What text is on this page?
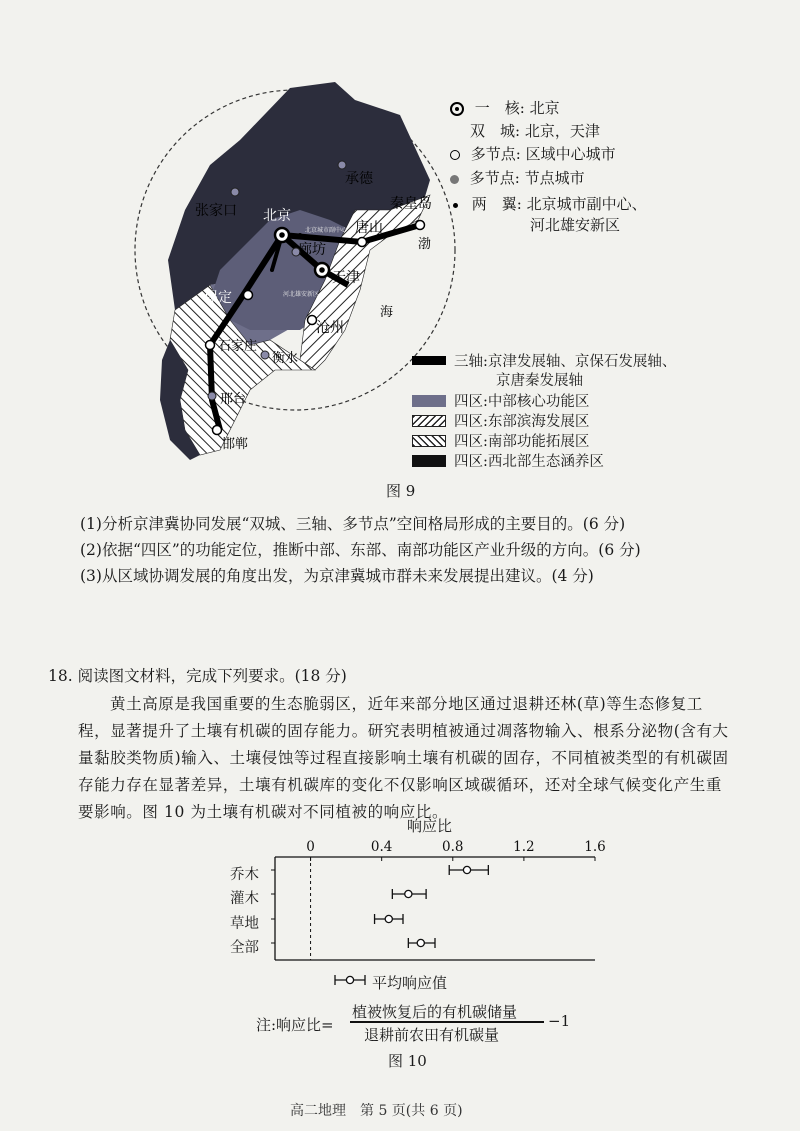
张家口
承德
北京
北京城市副中心
秦皇岛
唐山
廊坊
天津
河北雄安新区
保定
沧州
渤
海
石家庄
衡水
邢台
邯郸
一　核: 北京
双　城: 北京，天津
多节点: 区域中心城市
多节点: 节点城市
两　翼: 北京城市副中心、
河北雄安新区
三轴: 京津发展轴、京保石发展轴、
京唐秦发展轴
四区: 中部核心功能区
四区: 东部滨海发展区
四区: 南部功能拓展区
四区: 西北部生态涵养区
图 9
(1)分析京津冀协同发展“双城、三轴、多节点”空间格局形成的主要目的。(6 分)
(2)依据“四区”的功能定位，推断中部、东部、南部功能区产业升级的方向。(6 分)
(3)从区域协调发展的角度出发，为京津冀城市群未来发展提出建议。(4 分)
18. 阅读图文材料，完成下列要求。(18 分)
黄土高原是我国重要的生态脆弱区，近年来部分地区通过退耕还林(草)等生态修复工
程，显著提升了土壤有机碳的固存能力。研究表明植被通过凋落物输入、根系分泌物(含有大
量黏胶类物质)输入、土壤侵蚀等过程直接影响土壤有机碳的固存，不同植被类型的有机碳固
存能力存在显著差异，土壤有机碳库的变化不仅影响区域碳循环，还对全球气候变化产生重
要影响。图 10 为土壤有机碳对不同植被的响应比。
响应比
0	0.4	0.8	1.2	1.6
乔木
灌木
草地
全部
平均响应值
注:响应比=
植被恢复后的有机碳储量
退耕前农田有机碳量
−1
图 10
高二地理　第 5 页(共 6 页)
